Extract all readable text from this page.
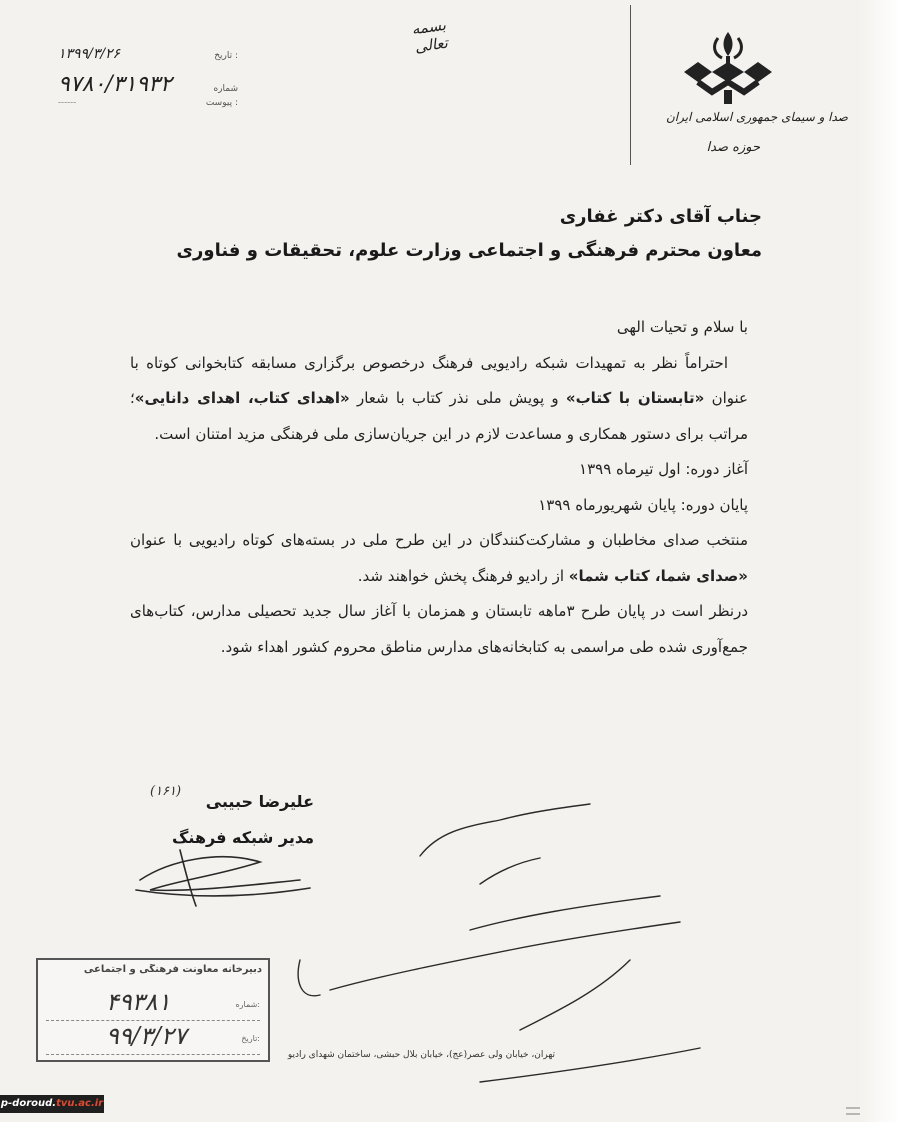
صدا و سیمای جمهوری اسلامی ایران
حوزه صدا
بسمه تعالی
: تاریخ
۱۳۹۹/۳/۲۶
شماره
۹۷۸۰/۳۱۹۳۲
: پیوست
------
جناب آقای دکتر غفاری
معاون محترم فرهنگی و اجتماعی وزارت علوم، تحقیقات و فناوری

با سلام و تحیات الهی

احتراماً نظر به تمهیدات شبکه رادیویی فرهنگ درخصوص برگزاری مسابقه کتابخوانی کوتاه با عنوان «تابستان با کتاب» و پویش ملی نذر کتاب با شعار «اهدای کتاب، اهدای دانایی»؛ مراتب برای دستور همکاری و مساعدت لازم در این جریان‌سازی ملی فرهنگی مزید امتنان است.

آغاز دوره: اول تیرماه ۱۳۹۹

پایان دوره: پایان شهریورماه ۱۳۹۹

منتخب صدای مخاطبان و مشارکت‌کنندگان در این طرح ملی در بسته‌های کوتاه رادیویی با عنوان «صدای شما، کتاب شما» از رادیو فرهنگ پخش خواهند شد.

درنظر است در پایان طرح ۳ماهه تابستان و همزمان با آغاز سال جدید تحصیلی مدارس، کتاب‌های جمع‌آوری شده طی مراسمی به کتابخانه‌های مدارس مناطق محروم کشور اهداء شود.

علیرضا حبیبی
مدیر شبکه فرهنگ
(۱۶۱)
دبیرخانه معاونت فرهنگی و اجتماعی
شماره:
۴۹۳۸۱
تاریخ:
۹۹/۳/۲۷
تهران، خیابان ولی عصر(عج)، خیابان بلال حبشی، ساختمان شهدای رادیو
p-doroud.tvu.ac.ir
